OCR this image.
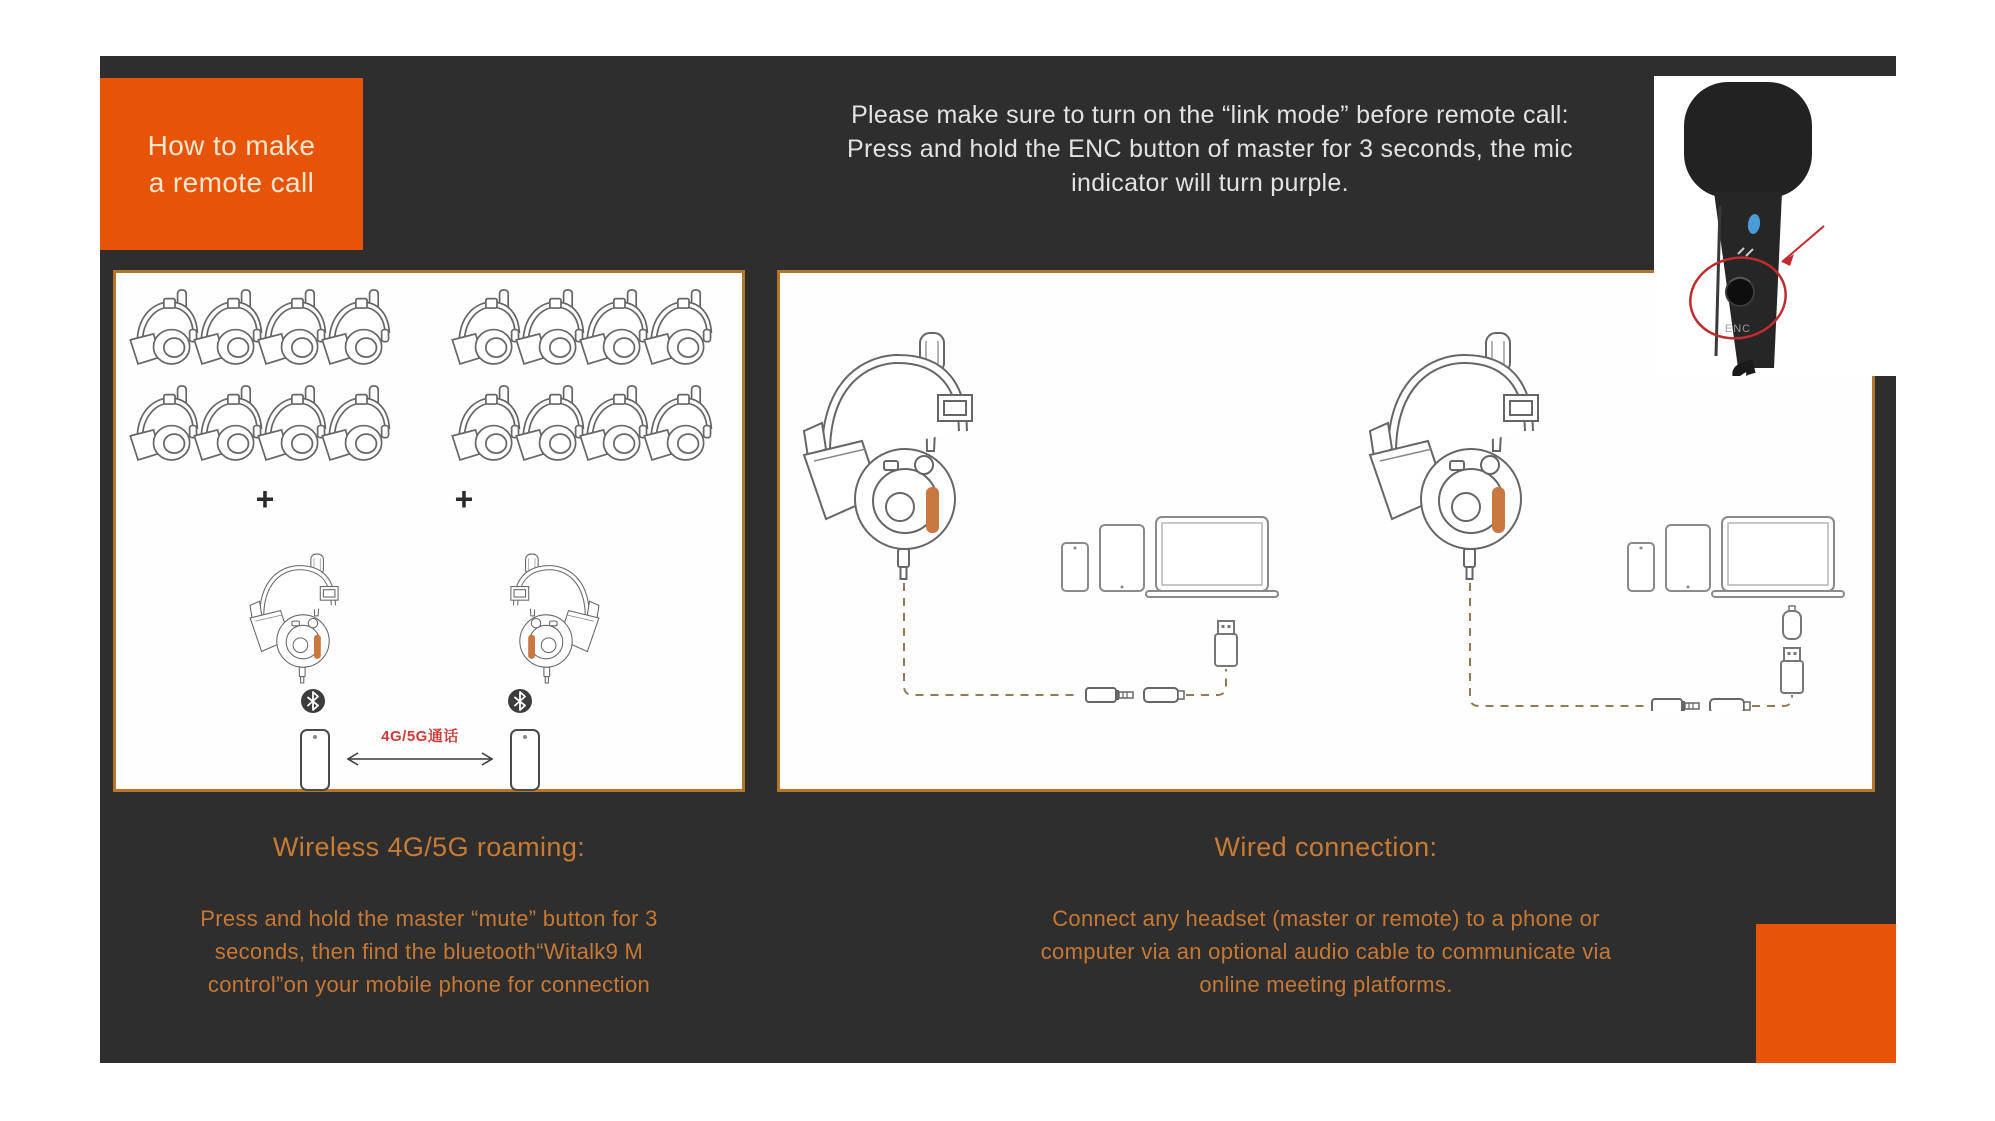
How to make
a remote call
Please make sure to turn on the “link mode” before remote call:
Press and hold the ENC button of master for 3 seconds, the mic
indicator will turn purple.
ENC
+	+
4G/5G通话
Wireless 4G/5G roaming:	Wired connection:
Press and hold the master “mute” button for 3
seconds, then find the bluetooth“Witalk9 M
control”on your mobile phone for connection
Connect any headset (master or remote) to a phone or
computer via an optional audio cable to communicate via
online meeting platforms.
